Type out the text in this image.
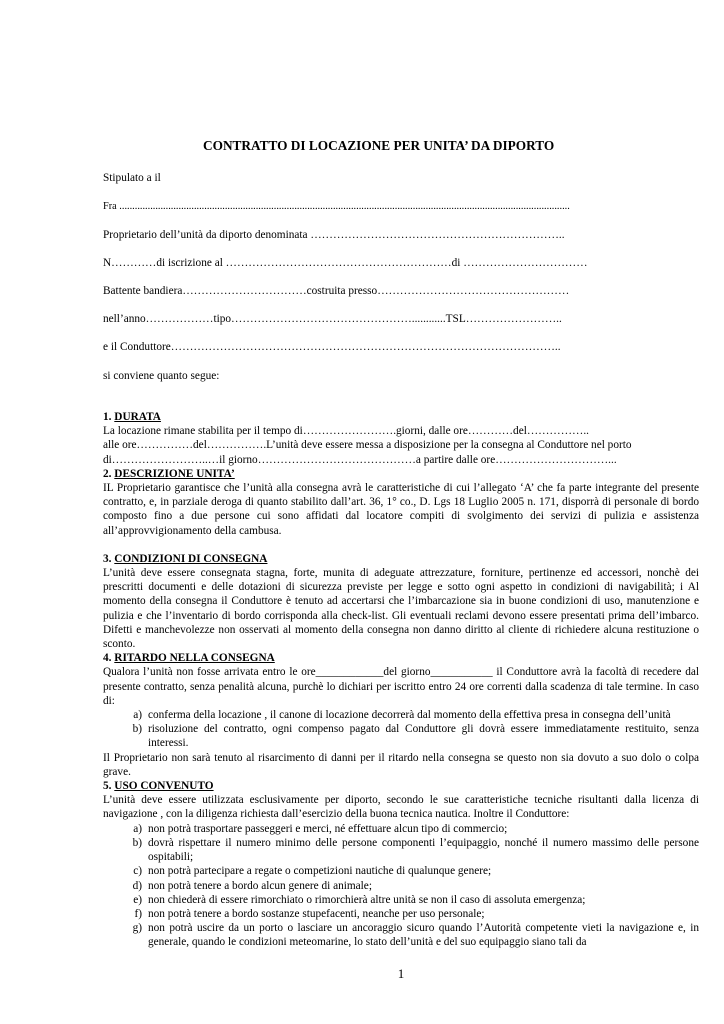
CONTRATTO DI LOCAZIONE PER UNITA’ DA DIPORTO
Stipulato a il
Fra ...............................................................................................................................................................................
Proprietario dell’unità da diporto denominata …………………………………………………………..
N…………di iscrizione al ……………………………………………………di ……………………………
Battente bandiera……………………………costruita presso……………………………………………
nell’anno………………tipo…………………………………………............TSL……………………..
e il Conduttore…………………………………………………………………………………………..
si conviene quanto segue:
1. DURATA
La locazione rimane stabilita per il tempo di…………………….giorni, dalle ore…………del……………..
alle ore……………del…………….L’unità deve essere messa a disposizione per la consegna al Conduttore nel porto
di……………………..…il giorno……………………………………a partire dalle ore…………………………...
2. DESCRIZIONE UNITA’
IL Proprietario garantisce che l’unità alla consegna avrà le caratteristiche di cui l’allegato ‘A’ che fa parte integrante del presente contratto, e, in parziale deroga di quanto stabilito dall’art. 36, 1° co., D. Lgs 18 Luglio 2005 n. 171, disporrà di personale di bordo composto fino a due persone cui sono affidati dal locatore compiti di svolgimento dei servizi di pulizia e assistenza all’approvvigionamento della cambusa.
3. CONDIZIONI DI CONSEGNA
L’unità deve essere consegnata stagna, forte, munita di adeguate attrezzature, forniture, pertinenze ed accessori, nonchè dei prescritti documenti e delle dotazioni di sicurezza previste per legge e sotto ogni aspetto in condizioni di navigabilità; i Al momento della consegna il Conduttore è tenuto ad accertarsi che l’imbarcazione sia in buone condizioni di uso, manutenzione e pulizia e che l’inventario di bordo corrisponda alla check-list. Gli eventuali reclami devono essere presentati prima dell’imbarco. Difetti e manchevolezze non osservati al momento della consegna non danno diritto al cliente di richiedere alcuna restituzione o sconto.
4. RITARDO NELLA CONSEGNA
Qualora l’unità non fosse arrivata entro le ore____________del giorno___________ il Conduttore avrà la facoltà di recedere dal presente contratto, senza penalità alcuna, purchè lo dichiari per iscritto entro 24 ore correnti dalla scadenza di tale termine. In caso di:
a) conferma della locazione , il canone di locazione decorrerà dal momento della effettiva presa in consegna dell’unità
b) risoluzione del contratto, ogni compenso pagato dal Conduttore gli dovrà essere immediatamente restituito, senza interessi.
Il Proprietario non sarà tenuto al risarcimento di danni per il ritardo nella consegna se questo non sia dovuto a suo dolo o colpa grave.
5. USO CONVENUTO
L’unità deve essere utilizzata esclusivamente per diporto, secondo le sue caratteristiche tecniche risultanti dalla licenza di navigazione , con la diligenza richiesta dall’esercizio della buona tecnica nautica. Inoltre il Conduttore:
a) non potrà trasportare passeggeri e merci, né effettuare alcun tipo di commercio;
b) dovrà rispettare il numero minimo delle persone componenti l’equipaggio, nonché il numero massimo delle persone ospitabili;
c) non potrà partecipare a regate o competizioni nautiche di qualunque genere;
d) non potrà tenere a bordo alcun genere di animale;
e) non chiederà di essere rimorchiato o rimorchierà altre unità se non il caso di assoluta emergenza;
f) non potrà tenere a bordo sostanze stupefacenti, neanche per uso personale;
g) non potrà uscire da un porto o lasciare un ancoraggio sicuro quando l’Autorità competente vieti la navigazione e, in generale, quando le condizioni meteomarine, lo stato dell’unità e del suo equipaggio siano tali da
1
